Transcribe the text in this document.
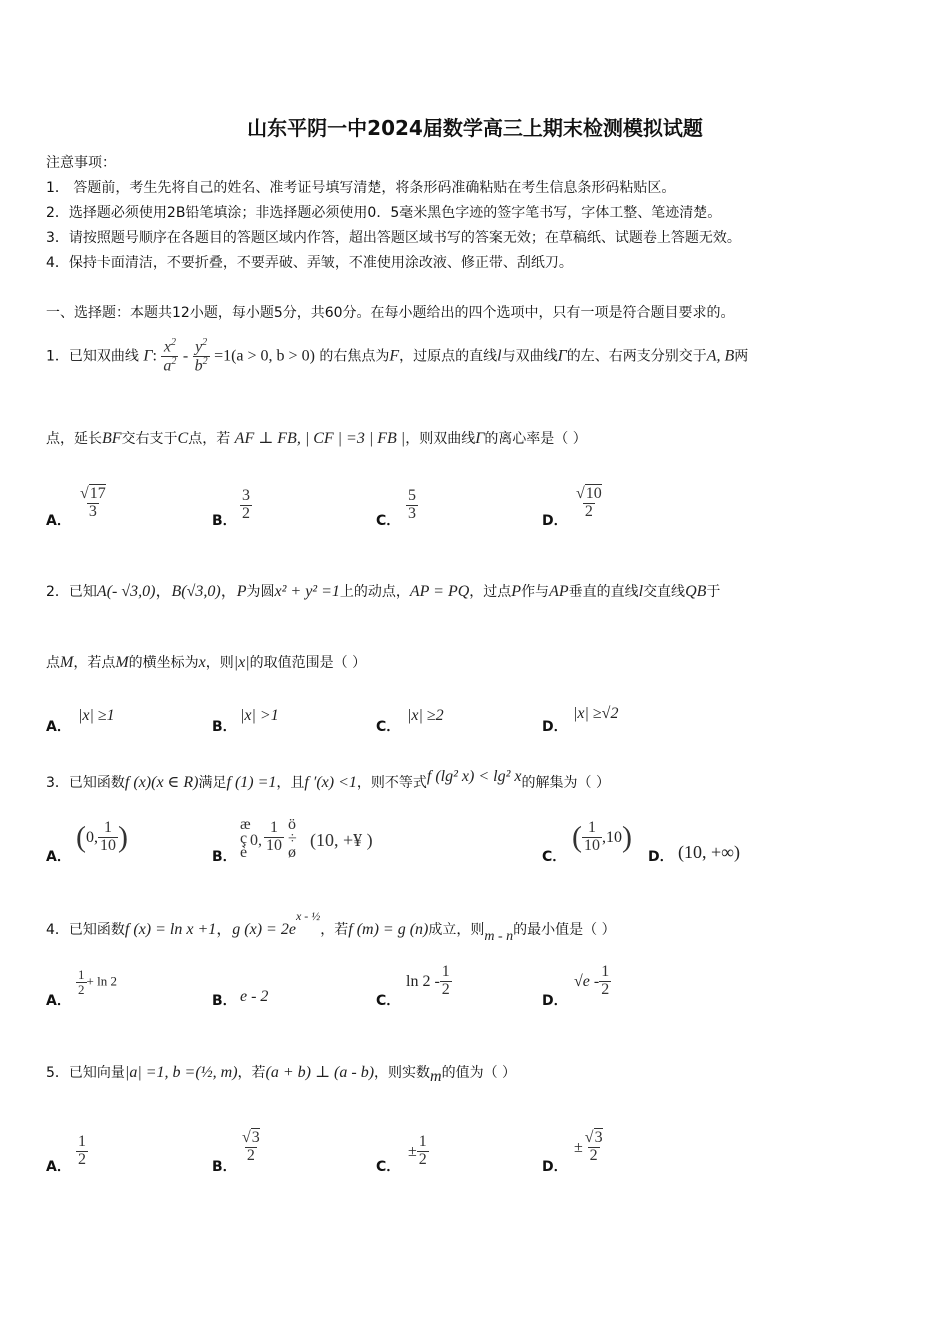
山东平阴一中2024届数学高三上期末检测模拟试题
注意事项：
1． 答题前，考生先将自己的姓名、准考证号填写清楚，将条形码准确粘贴在考生信息条形码粘贴区。
2．选择题必须使用2B铅笔填涂；非选择题必须使用0．5毫米黑色字迹的签字笔书写，字体工整、笔迹清楚。
3．请按照题号顺序在各题目的答题区域内作答，超出答题区域书写的答案无效；在草稿纸、试题卷上答题无效。
4．保持卡面清洁，不要折叠，不要弄破、弄皱，不准使用涂改液、修正带、刮纸刀。
一、选择题：本题共12小题，每小题5分，共60分。在每小题给出的四个选项中，只有一项是符合题目要求的。
1．已知双曲线 Γ: $\frac{x^2}{a^2} - \frac{y^2}{b^2} =1(a > 0$, b > 0) 的右焦点为F，过原点的直线l与双曲线Γ的左、右两支分别交于A, B两
点，延长BF交右支于C点，若 AF ⊥ FB, | CF | =3 | FB |，则双曲线Γ的离心率是（ ）
A．
$\frac{√17}{3}$
B． $\frac{3}{2}$	C． $\frac{5}{3}$	D．
$\frac{√10}{2}$
2．已知A(- √3,0)，B(√3,0)，P为圆x² + y² =1上的动点，AP = PQ，过点P作与AP垂直的直线l交直线QB于
点M，若点M的横坐标为x，则|x|的取值范围是（ ）
A．
|x| ≥1
B．
|x| >1
C．
|x| ≥2
D．
|x| ≥√2
3．已知函数f (x)(x ∈ R)满足f (1) =1，且f ′(x) <1，则不等式f (lg² x) < lg² x的解集为（ ）
A．
(0, $\frac{1}{10}$ )
B．
æ
ç
è
0, $\frac{1}{10}$ ö
÷
ø
(10, +¥ )
C．
( $\frac{1}{10} ,10$)
D． (10, +∞)
4．已知函数f (x) = ln x +1，g $(x) = 2e^{x - \frac{1}{2}}$，若f (m) = g (n)成立，则m - n的最小值是（ ）
A．
$\frac{1}{2} + \ln 2$
B． e - 2	C．
$\ln 2 - \frac{1}{2}$
D．
$√e - \frac{1}{2}$
5．已知向量|a| =1, b =(½, m)，若(a + b) ⊥ (a - b)，则实数m的值为（ ）
A． $\frac{1}{2}$	B．
$\frac{√3}{2}$
C．
± $\frac{1}{2}$	D．
± $\frac{√3}{2}$
